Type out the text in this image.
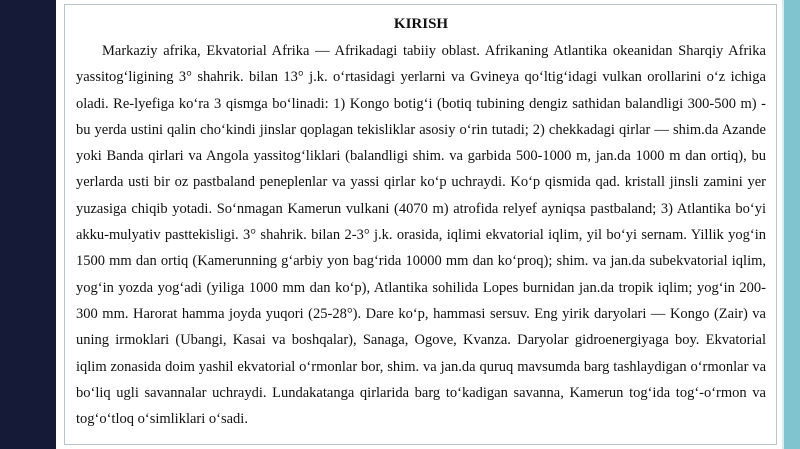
KIRISH

Markaziy afrika, Ekvatorial Afrika — Afrikadagi tabiiy oblast. Afrikaning Atlantika okeanidan Sharqiy Afrika yassitog‘ligining 3° shahrik. bilan 13° j.k. o‘rtasidagi yerlarni va Gvineya qo‘ltig‘idagi vulkan orollarini o‘z ichiga oladi. Re-lyefiga ko‘ra 3 qismga bo‘linadi: 1) Kongo botig‘i (botiq tubining dengiz sathidan balandligi 300-500 m) - bu yerda ustini qalin cho‘kindi jinslar qoplagan tekisliklar asosiy o‘rin tutadi; 2) chekkadagi qirlar — shim.da Azande yoki Banda qirlari va Angola yassitog‘liklari (balandligi shim. va garbida 500-1000 m, jan.da 1000 m dan ortiq), bu yerlarda usti bir oz pastbaland peneplenlar va yassi qirlar ko‘p uchraydi. Ko‘p qismida qad. kristall jinsli zamini yer yuzasiga chiqib yotadi. So‘nmagan Kamerun vulkani (4070 m) atrofida relyef ayniqsa pastbaland; 3) Atlantika bo‘yi akku-mulyativ pasttekisligi. 3° shahrik. bilan 2-3° j.k. orasida, iqlimi ekvatorial iqlim, yil bo‘yi sernam. Yillik yog‘in 1500 mm dan ortiq (Kamerunning g‘arbiy yon bag‘rida 10000 mm dan ko‘proq); shim. va jan.da subekvatorial iqlim, yog‘in yozda yog‘adi (yiliga 1000 mm dan ko‘p), Atlantika sohilida Lopes burnidan jan.da tropik iqlim; yog‘in 200- 300 mm. Harorat hamma joyda yuqori (25-28°). Dare ko‘p, hammasi sersuv. Eng yirik daryolari — Kongo (Zair) va uning irmoklari (Ubangi, Kasai va boshqalar), Sanaga, Ogove, Kvanza. Daryolar gidroenergiyaga boy. Ekvatorial iqlim zonasida doim yashil ekvatorial o‘rmonlar bor, shim. va jan.da quruq mavsumda barg tashlaydigan o‘rmonlar va bo‘liq ugli savannalar uchraydi. Lundakatanga qirlarida barg to‘kadigan savanna, Kamerun tog‘ida tog‘-o‘rmon va tog‘o‘tloq o‘simliklari o‘sadi.
